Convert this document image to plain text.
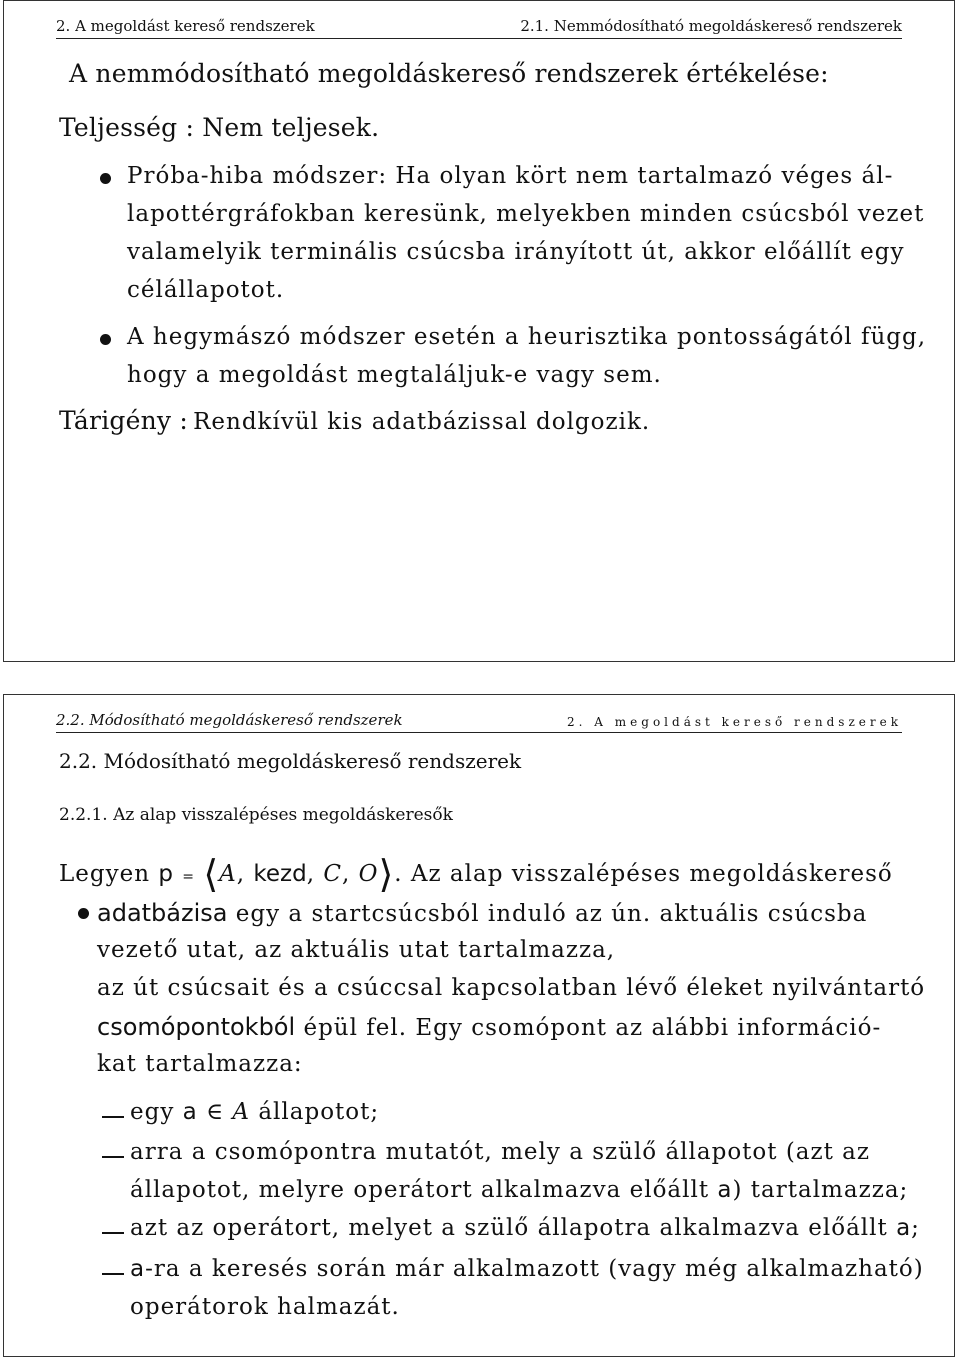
2. A megoldást kereső rendszerek	2.1. Nemmódosítható megoldáskereső rendszerek
A nemmódosítható megoldáskereső rendszerek értékelése:
Teljesség : Nem teljesek.
Próba-hiba módszer: Ha olyan kört nem tartalmazó véges ál-
lapottérgráfokban keresünk, melyekben minden csúcsból vezet
valamelyik terminális csúcsba irányított út, akkor előállít egy
célállapotot.
A hegymászó módszer esetén a heurisztika pontosságától függ,
hogy a megoldást megtaláljuk-e vagy sem.
Tárigény : Rendkívül kis adatbázissal dolgozik.
2.2. Módosítható megoldáskereső rendszerek	2. A megoldást kereső rendszerek
2.2. Módosítható megoldáskereső rendszerek
2.2.1. Az alap visszalépéses megoldáskeresők
Legyen p = ⟨A, kezd, C, O⟩. Az alap visszalépéses megoldáskereső
adatbázisa egy a startcsúcsból induló az ún. aktuális csúcsba
vezető utat, az aktuális utat tartalmazza,
az út csúcsait és a csúccsal kapcsolatban lévő éleket nyilvántartó
csomópontokból épül fel. Egy csomópont az alábbi információ-
kat tartalmazza:
egy a ∈ A állapotot;
arra a csomópontra mutatót, mely a szülő állapotot (azt az
állapotot, melyre operátort alkalmazva előállt a) tartalmazza;
azt az operátort, melyet a szülő állapotra alkalmazva előállt a;
a-ra a keresés során már alkalmazott (vagy még alkalmazható)
operátorok halmazát.
